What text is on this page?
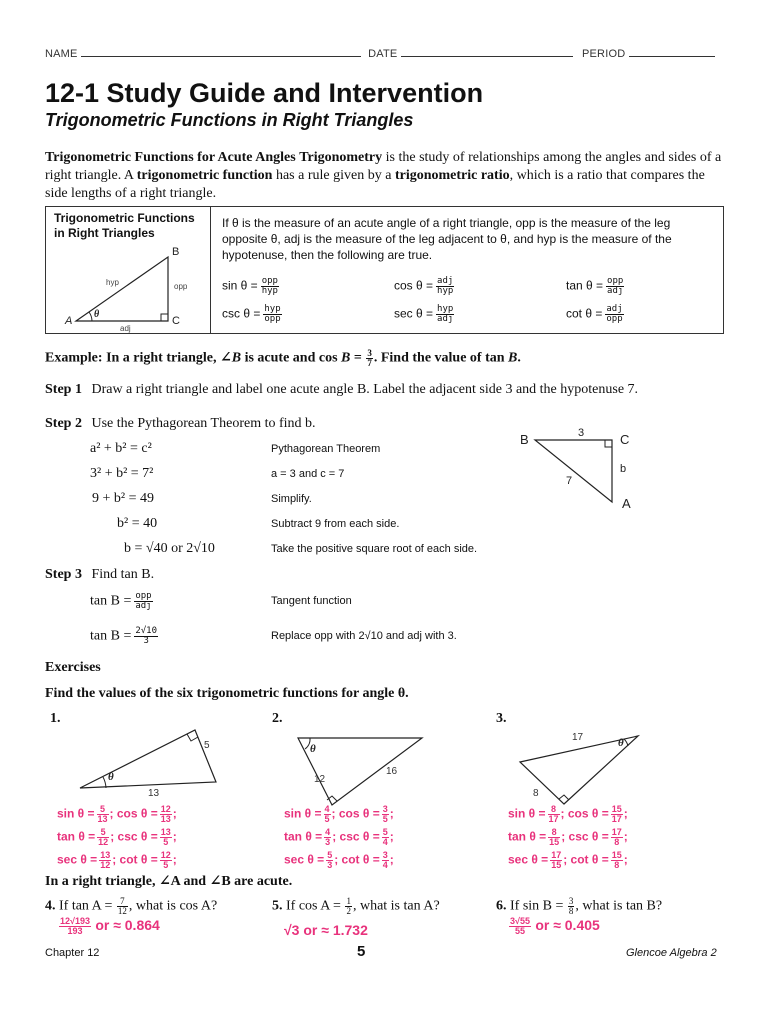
NAME	DATE	PERIOD
12-1 Study Guide and Intervention
Trigonometric Functions in Right Triangles
Trigonometric Functions for Acute Angles Trigonometry is the study of relationships among the angles and sides of a right triangle. A trigonometric function has a rule given by a trigonometric ratio, which is a ratio that compares the side lengths of a right triangle.
Trigonometric Functions
in Right Triangles
B
A	C
hyp	opp
adj
θ
If θ is the measure of an acute angle of a right triangle, opp is the measure of the leg opposite θ, adj is the measure of the leg adjacent to θ, and hyp is the measure of the hypotenuse, then the following are true.
$\sin \theta = \frac{\text{opp}}{\text{hyp}}$	$\cos \theta = \frac{\text{adj}}{\text{hyp}}$	$\tan \theta = \frac{\text{opp}}{\text{adj}}$
$\csc \theta = \frac{\text{hyp}}{\text{opp}}$	$\sec \theta = \frac{\text{hyp}}{\text{adj}}$	$\cot \theta = \frac{\text{adj}}{\text{opp}}$
Example: In a right triangle, ∠B is acute and $\cos B = \frac{3}{7}$ . Find the value of tan B.
Step 1 Draw a right triangle and label one acute angle B. Label the adjacent side 3 and the hypotenuse 7.
Step 2 Use the Pythagorean Theorem to find b.
a² + b² = c²	Pythagorean Theorem
3² + b² = 7²	a = 3 and c = 7
9 + b² = 49	Simplify.
b² = 40	Subtract 9 from each side.
b = √40 or 2√10	Take the positive square root of each side.
B	C
A
3
b
7
Step 3 Find tan B.
$\tan B = \frac{\text{opp}}{\text{adj}}$	Tangent function
$\tan B = \frac{2√10}{3}$	Replace opp with 2√10 and adj with 3.
Exercises
Find the values of the six trigonometric functions for angle θ.
1.	2.	3.
θ
5
13
θ
12
16
θ
17
8
$\sin \theta = \frac{5}{13}$ ; $\cos \theta = \frac{12}{13}$ ;
$\tan \theta = \frac{5}{12}$ ; $\csc \theta = \frac{13}{5}$ ;
$\sec \theta = \frac{13}{12}$ ; $\cot \theta = \frac{12}{5}$ ;
$\sin \theta = \frac{4}{5}$ ; $\cos \theta = \frac{3}{5}$ ;
$\tan \theta = \frac{4}{3}$ ; $\csc \theta = \frac{5}{4}$ ;
$\sec \theta = \frac{5}{3}$ ; $\cot \theta = \frac{3}{4}$ ;
$\sin \theta = \frac{8}{17}$ ; $\cos \theta = \frac{15}{17}$ ;
$\tan \theta = \frac{8}{15}$ ; $\csc \theta = \frac{17}{8}$ ;
$\sec \theta = \frac{17}{15}$ ; $\cot \theta = \frac{15}{8}$ ;
In a right triangle, ∠A and ∠B are acute.
4. If $\tan A = \frac{7}{12}$ , what is cos A?
$\frac{12√193}{193}$ or ≈ 0.864
5. If $\cos A = \frac{1}{2}$ , what is tan A?
√3 or ≈ 1.732
6. If $\sin B = \frac{3}{8}$ , what is tan B?
$\frac{3√55}{55}$ or ≈ 0.405
Chapter 12	5	Glencoe Algebra 2
